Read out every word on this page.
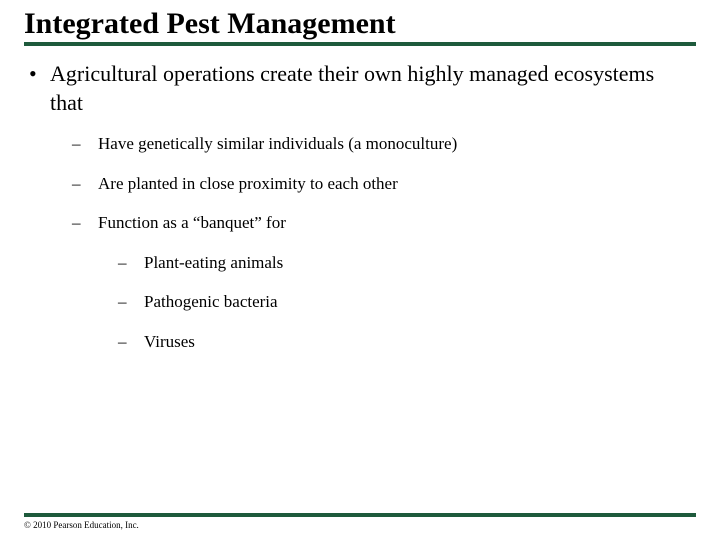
Integrated Pest Management
• Agricultural operations create their own highly managed ecosystems that
– Have genetically similar individuals (a monoculture)
– Are planted in close proximity to each other
– Function as a “banquet” for
– Plant-eating animals
– Pathogenic bacteria
– Viruses
© 2010 Pearson Education, Inc.
